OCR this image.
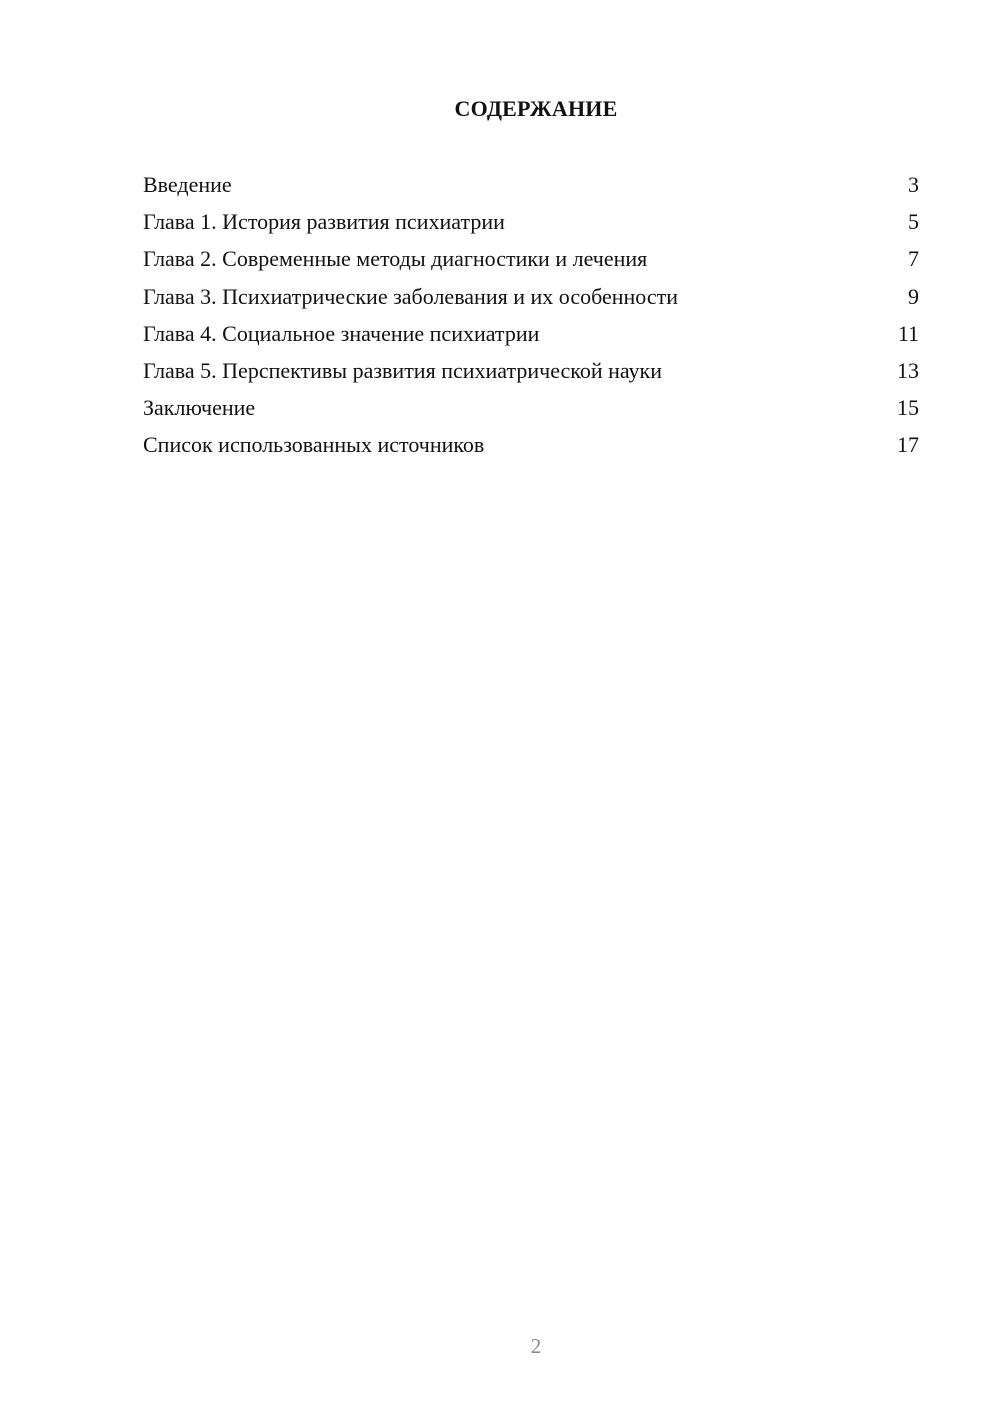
СОДЕРЖАНИЕ
Введение	3
Глава 1. История развития психиатрии	5
Глава 2. Современные методы диагностики и лечения	7
Глава 3. Психиатрические заболевания и их особенности	9
Глава 4. Социальное значение психиатрии	11
Глава 5. Перспективы развития психиатрической науки	13
Заключение	15
Список использованных источников	17
2
